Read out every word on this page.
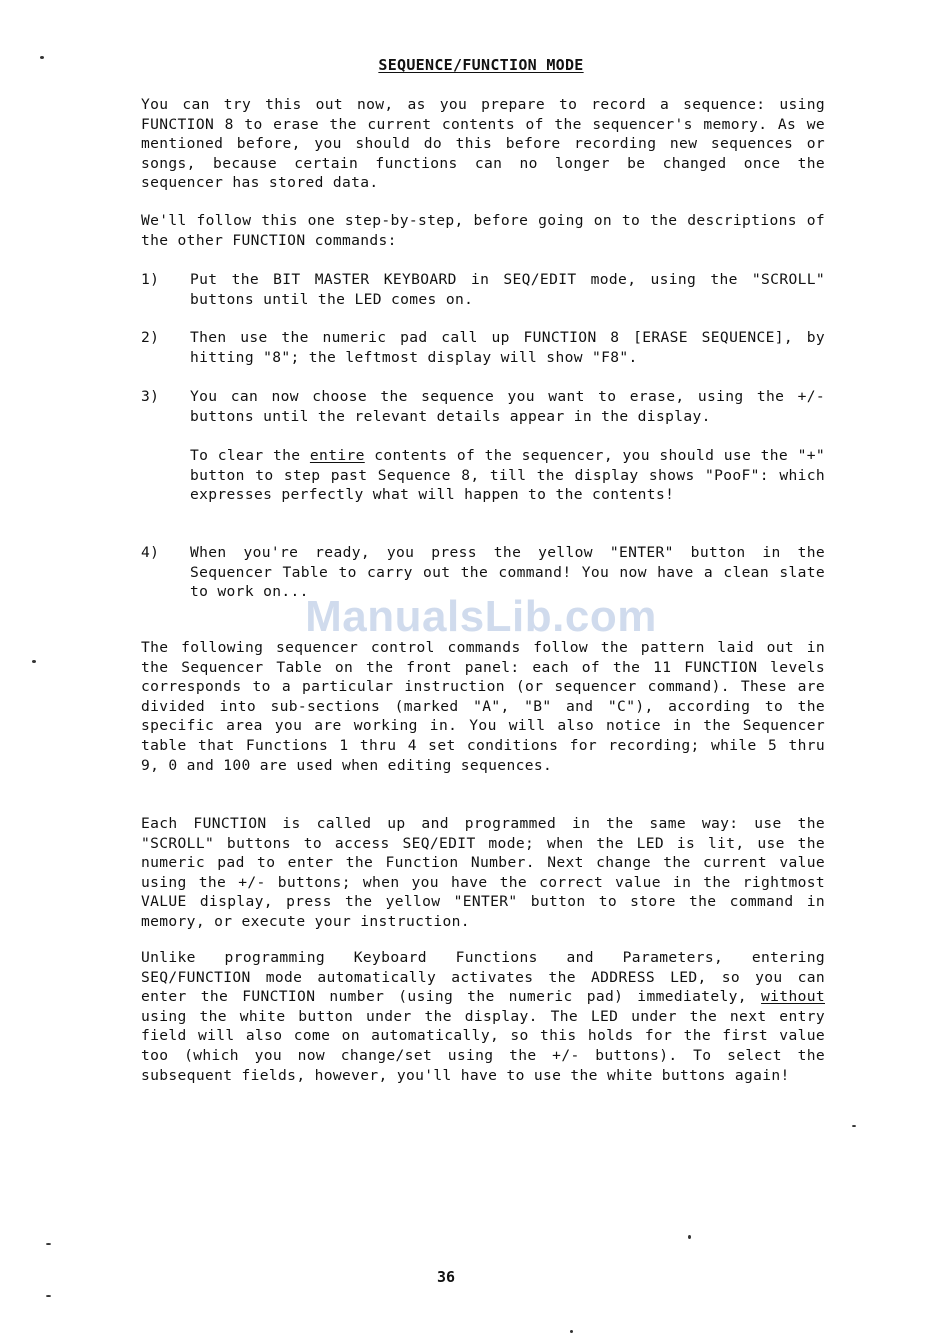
SEQUENCE/FUNCTION MODE
You can try this out now, as you prepare to record a sequence: using FUNCTION 8 to erase the current contents of the sequencer's memory. As we mentioned before, you should do this before recording new sequences or songs, because certain functions can no longer be changed once the sequencer has stored data.
We'll follow this one step-by-step, before going on to the descriptions of the other FUNCTION commands:
1)	Put the BIT MASTER KEYBOARD in SEQ/EDIT mode, using the "SCROLL" buttons until the LED comes on.
2)	Then use the numeric pad call up FUNCTION 8 [ERASE SEQUENCE], by hitting "8"; the leftmost display will show "F8".
3)	You can now choose the sequence you want to erase, using the +/- buttons until the relevant details appear in the display.
To clear the entire contents of the sequencer, you should use the "+" button to step past Sequence 8, till the display shows "PooF": which expresses perfectly what will happen to the contents!
4)	When you're ready, you press the yellow "ENTER" button in the Sequencer Table to carry out the command! You now have a clean slate to work on...
ManualsLib.com
The following sequencer control commands follow the pattern laid out in the Sequencer Table on the front panel: each of the 11 FUNCTION levels corresponds to a particular instruction (or sequencer command). These are divided into sub-sections (marked "A", "B" and "C"), according to the specific area you are working in. You will also notice in the Sequencer table that Functions 1 thru 4 set conditions for recording; while 5 thru 9, 0 and 100 are used when editing sequences.
Each FUNCTION is called up and programmed in the same way: use the "SCROLL" buttons to access SEQ/EDIT mode; when the LED is lit, use the numeric pad to enter the Function Number. Next change the current value using the +/- buttons; when you have the correct value in the rightmost VALUE display, press the yellow "ENTER" button to store the command in memory, or execute your instruction.
Unlike programming Keyboard Functions and Parameters, entering SEQ/FUNCTION mode automatically activates the ADDRESS LED, so you can enter the FUNCTION number (using the numeric pad) immediately, without using the white button under the display. The LED under the next entry field will also come on automatically, so this holds for the first value too (which you now change/set using the +/- buttons). To select the subsequent fields, however, you'll have to use the white buttons again!
36
